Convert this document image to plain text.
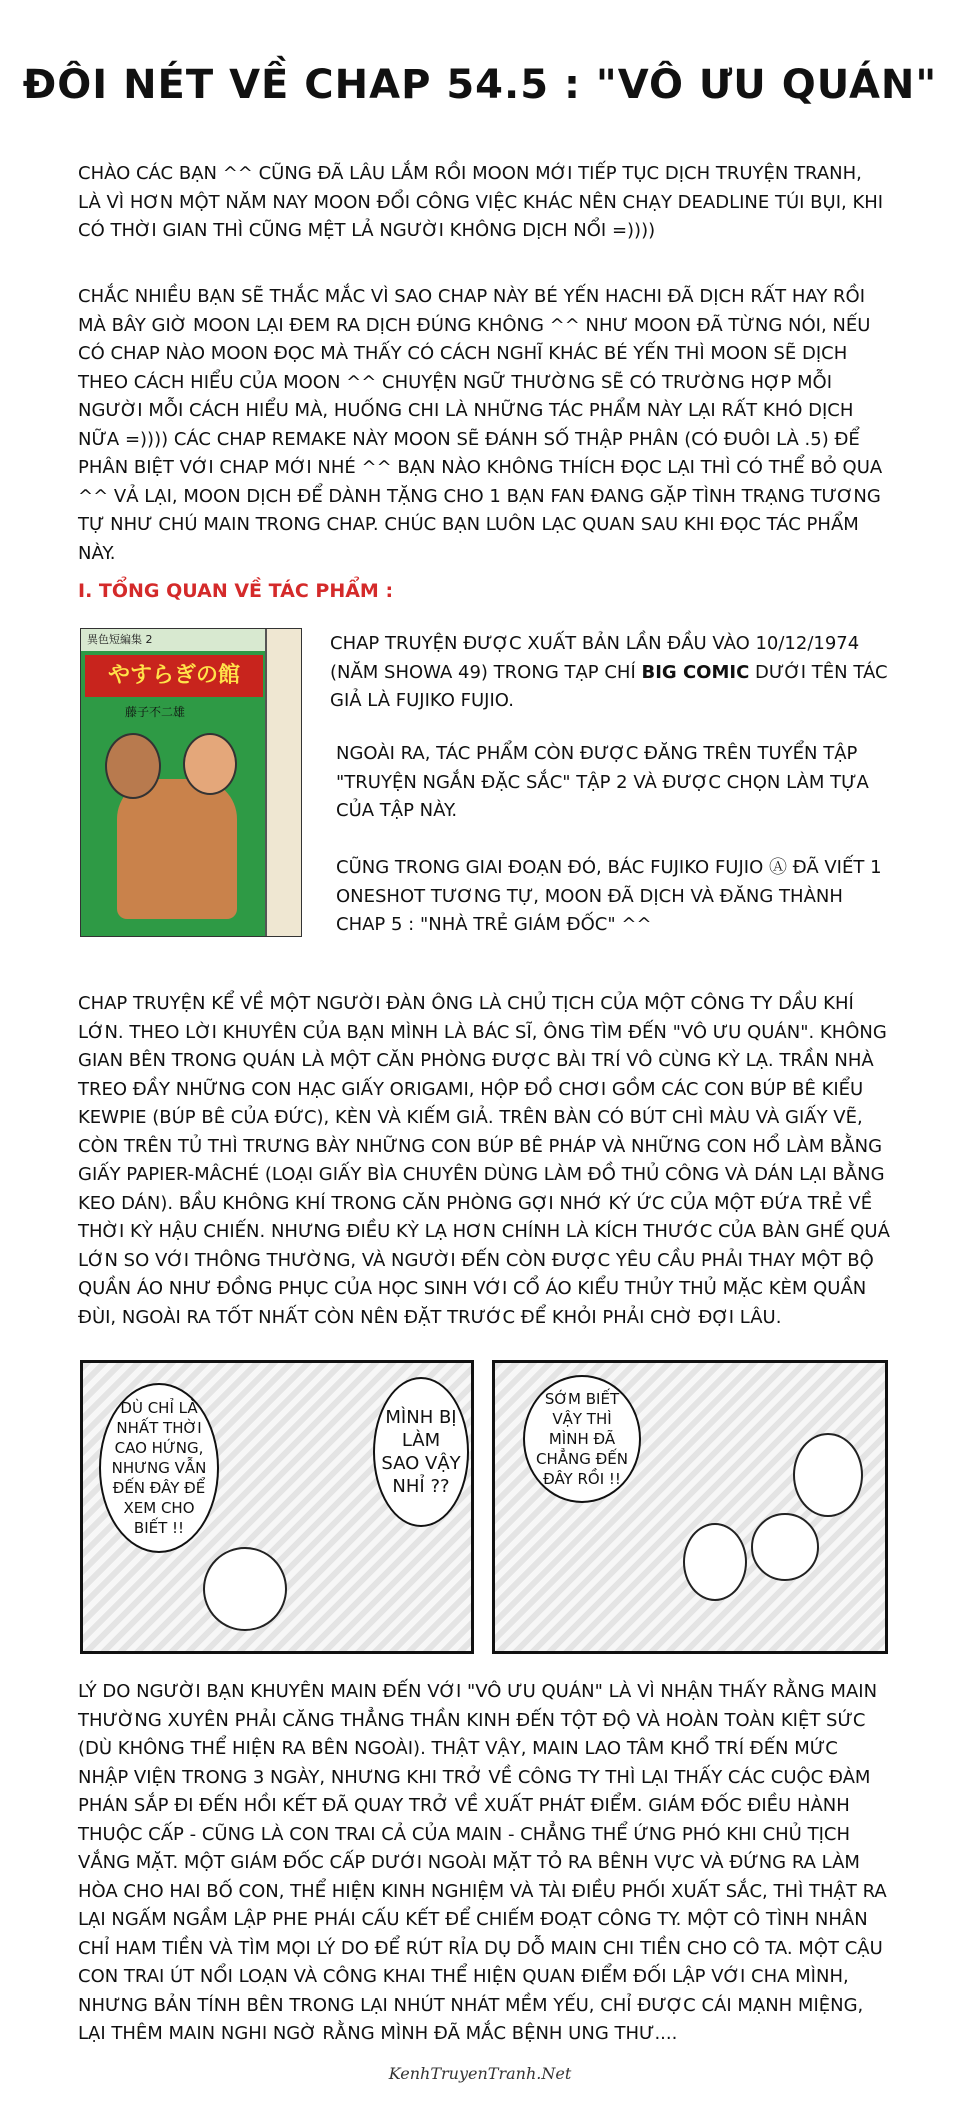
ĐÔI NÉT VỀ CHAP 54.5 : "VÔ ƯU QUÁN"

CHÀO CÁC BẠN ^^ CŨNG ĐÃ LÂU LẮM RỒI MOON MỚI TIẾP TỤC DỊCH TRUYỆN TRANH, LÀ VÌ HƠN MỘT NĂM NAY MOON ĐỔI CÔNG VIỆC KHÁC NÊN CHẠY DEADLINE TÚI BỤI, KHI CÓ THỜI GIAN THÌ CŨNG MỆT LẢ NGƯỜI KHÔNG DỊCH NỔI =))))

CHẮC NHIỀU BẠN SẼ THẮC MẮC VÌ SAO CHAP NÀY BÉ YẾN HACHI ĐÃ DỊCH RẤT HAY RỒI MÀ BÂY GIỜ MOON LẠI ĐEM RA DỊCH ĐÚNG KHÔNG ^^ NHƯ MOON ĐÃ TỪNG NÓI, NẾU CÓ CHAP NÀO MOON ĐỌC MÀ THẤY CÓ CÁCH NGHĨ KHÁC BÉ YẾN THÌ MOON SẼ DỊCH THEO CÁCH HIỂU CỦA MOON ^^ CHUYỆN NGỮ THƯỜNG SẼ CÓ TRƯỜNG HỢP MỖI NGƯỜI MỖI CÁCH HIỂU MÀ, HUỐNG CHI LÀ NHỮNG TÁC PHẨM NÀY LẠI RẤT KHÓ DỊCH NỮA =)))) CÁC CHAP REMAKE NÀY MOON SẼ ĐÁNH SỐ THẬP PHÂN (CÓ ĐUÔI LÀ .5) ĐỂ PHÂN BIỆT VỚI CHAP MỚI NHÉ ^^ BẠN NÀO KHÔNG THÍCH ĐỌC LẠI THÌ CÓ THỂ BỎ QUA ^^ VẢ LẠI, MOON DỊCH ĐỂ DÀNH TẶNG CHO 1 BẠN FAN ĐANG GẶP TÌNH TRẠNG TƯƠNG TỰ NHƯ CHÚ MAIN TRONG CHAP. CHÚC BẠN LUÔN LẠC QUAN SAU KHI ĐỌC TÁC PHẨM NÀY.

I. TỔNG QUAN VỀ TÁC PHẨM :
異色短編集 2
やすらぎの館
藤子不二雄

CHAP TRUYỆN ĐƯỢC XUẤT BẢN LẦN ĐẦU VÀO 10/12/1974 (NĂM SHOWA 49) TRONG TẠP CHÍ BIG COMIC DƯỚI TÊN TÁC GIẢ LÀ FUJIKO FUJIO.

NGOÀI RA, TÁC PHẨM CÒN ĐƯỢC ĐĂNG TRÊN TUYỂN TẬP "TRUYỆN NGẮN ĐẶC SẮC" TẬP 2 VÀ ĐƯỢC CHỌN LÀM TỰA CỦA TẬP NÀY.

CŨNG TRONG GIAI ĐOẠN ĐÓ, BÁC FUJIKO FUJIO Ⓐ ĐÃ VIẾT 1 ONESHOT TƯƠNG TỰ, MOON ĐÃ DỊCH VÀ ĐĂNG THÀNH CHAP 5 : "NHÀ TRẺ GIÁM ĐỐC" ^^

CHAP TRUYỆN KỂ VỀ MỘT NGƯỜI ĐÀN ÔNG LÀ CHỦ TỊCH CỦA MỘT CÔNG TY DẦU KHÍ LỚN. THEO LỜI KHUYÊN CỦA BẠN MÌNH LÀ BÁC SĨ, ÔNG TÌM ĐẾN "VÔ ƯU QUÁN". KHÔNG GIAN BÊN TRONG QUÁN LÀ MỘT CĂN PHÒNG ĐƯỢC BÀI TRÍ VÔ CÙNG KỲ LẠ. TRẦN NHÀ TREO ĐẦY NHỮNG CON HẠC GIẤY ORIGAMI, HỘP ĐỒ CHƠI GỒM CÁC CON BÚP BÊ KIỂU KEWPIE (BÚP BÊ CỦA ĐỨC), KÈN VÀ KIẾM GIẢ. TRÊN BÀN CÓ BÚT CHÌ MÀU VÀ GIẤY VẼ, CÒN TRÊN TỦ THÌ TRƯNG BÀY NHỮNG CON BÚP BÊ PHÁP VÀ NHỮNG CON HỔ LÀM BẰNG GIẤY PAPIER-MÂCHÉ (LOẠI GIẤY BÌA CHUYÊN DÙNG LÀM ĐỒ THỦ CÔNG VÀ DÁN LẠI BẰNG KEO DÁN). BẦU KHÔNG KHÍ TRONG CĂN PHÒNG GỢI NHỚ KÝ ỨC CỦA MỘT ĐỨA TRẺ VỀ THỜI KỲ HẬU CHIẾN. NHƯNG ĐIỀU KỲ LẠ HƠN CHÍNH LÀ KÍCH THƯỚC CỦA BÀN GHẾ QUÁ LỚN SO VỚI THÔNG THƯỜNG, VÀ NGƯỜI ĐẾN CÒN ĐƯỢC YÊU CẦU PHẢI THAY MỘT BỘ QUẦN ÁO NHƯ ĐỒNG PHỤC CỦA HỌC SINH VỚI CỔ ÁO KIỂU THỦY THỦ MẶC KÈM QUẦN ĐÙI, NGOÀI RA TỐT NHẤT CÒN NÊN ĐẶT TRƯỚC ĐỂ KHỎI PHẢI CHỜ ĐỢI LÂU.

DÙ CHỈ LÀ NHẤT THỜI CAO HỨNG, NHƯNG VẪN ĐẾN ĐÂY ĐỂ XEM CHO BIẾT !!
MÌNH BỊ LÀM SAO VẬY NHỈ ??
SỚM BIẾT VẬY THÌ MÌNH ĐÃ CHẲNG ĐẾN ĐÂY RỒI !!

LÝ DO NGƯỜI BẠN KHUYÊN MAIN ĐẾN VỚI "VÔ ƯU QUÁN" LÀ VÌ NHẬN THẤY RẰNG MAIN THƯỜNG XUYÊN PHẢI CĂNG THẲNG THẦN KINH ĐẾN TỘT ĐỘ VÀ HOÀN TOÀN KIỆT SỨC (DÙ KHÔNG THỂ HIỆN RA BÊN NGOÀI). THẬT VẬY, MAIN LAO TÂM KHỔ TRÍ ĐẾN MỨC NHẬP VIỆN TRONG 3 NGÀY, NHƯNG KHI TRỞ VỀ CÔNG TY THÌ LẠI THẤY CÁC CUỘC ĐÀM PHÁN SẮP ĐI ĐẾN HỒI KẾT ĐÃ QUAY TRỞ VỀ XUẤT PHÁT ĐIỂM. GIÁM ĐỐC ĐIỀU HÀNH THUỘC CẤP - CŨNG LÀ CON TRAI CẢ CỦA MAIN - CHẲNG THỂ ỨNG PHÓ KHI CHỦ TỊCH VẮNG MẶT. MỘT GIÁM ĐỐC CẤP DƯỚI NGOÀI MẶT TỎ RA BÊNH VỰC VÀ ĐỨNG RA LÀM HÒA CHO HAI BỐ CON, THỂ HIỆN KINH NGHIỆM VÀ TÀI ĐIỀU PHỐI XUẤT SẮC, THÌ THẬT RA LẠI NGẤM NGẦM LẬP PHE PHÁI CẤU KẾT ĐỂ CHIẾM ĐOẠT CÔNG TY. MỘT CÔ TÌNH NHÂN CHỈ HAM TIỀN VÀ TÌM MỌI LÝ DO ĐỂ RÚT RỈA DỤ DỖ MAIN CHI TIỀN CHO CÔ TA. MỘT CẬU CON TRAI ÚT NỔI LOẠN VÀ CÔNG KHAI THỂ HIỆN QUAN ĐIỂM ĐỐI LẬP VỚI CHA MÌNH, NHƯNG BẢN TÍNH BÊN TRONG LẠI NHÚT NHÁT MỀM YẾU, CHỈ ĐƯỢC CÁI MẠNH MIỆNG, LẠI THÊM MAIN NGHI NGỜ RẰNG MÌNH ĐÃ MẮC BỆNH UNG THƯ....

KenhTruyenTranh.Net
